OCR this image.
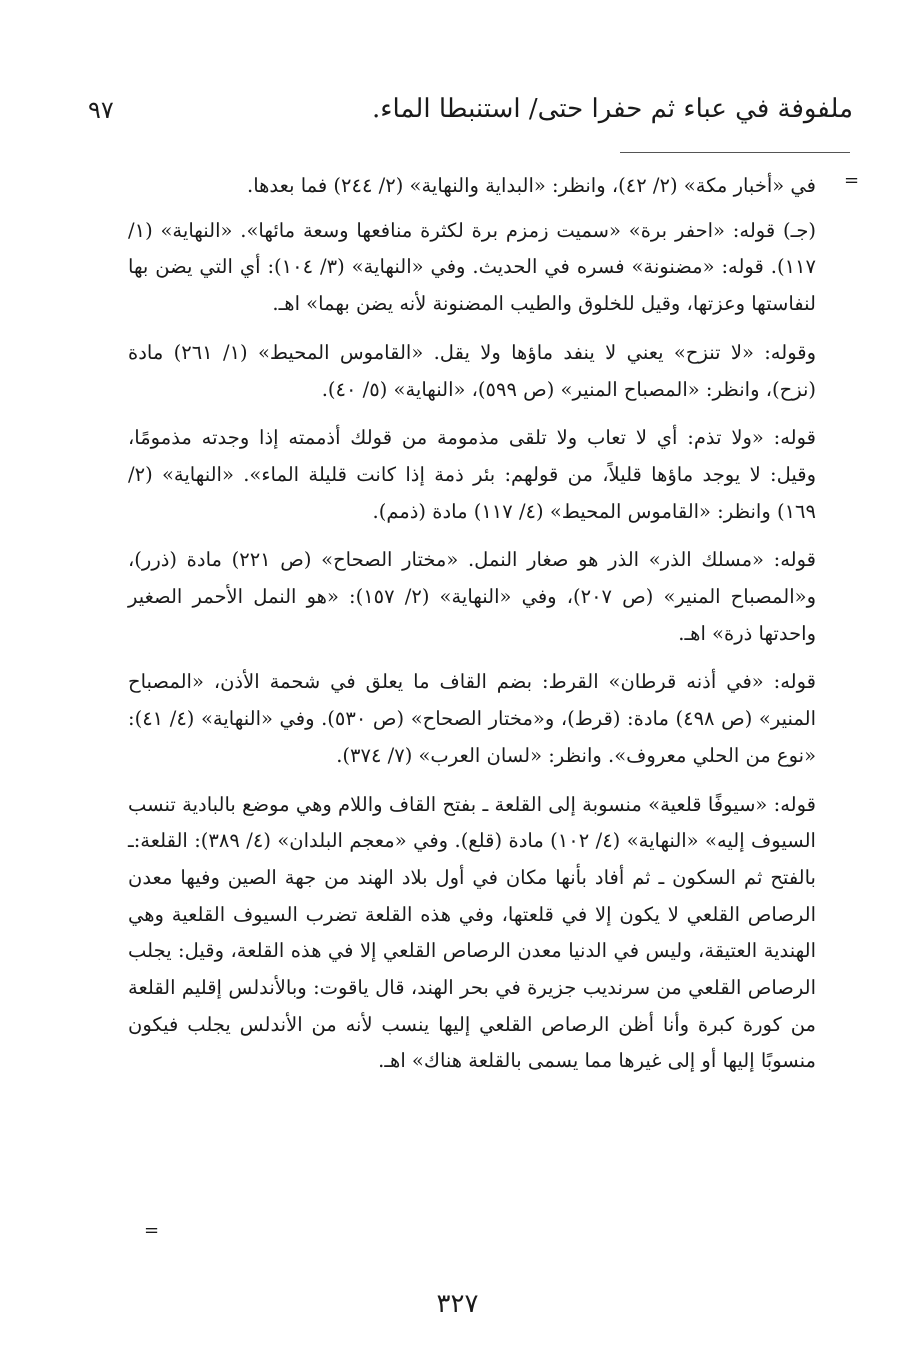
ملفوفة في عباء ثم حفرا حتى/ استنبطا الماء.
٩٧
=

في «أخبار مكة» (٢/ ٤٢)، وانظر: «البداية والنهاية» (٢/ ٢٤٤) فما بعدها.

(جـ) قوله: «احفر برة» «سميت زمزم برة لكثرة منافعها وسعة مائها». «النهاية» (١/ ١١٧). قوله: «مضنونة» فسره في الحديث. وفي «النهاية» (٣/ ١٠٤): أي التي يضن بها لنفاستها وعزتها، وقيل للخلوق والطيب المضنونة لأنه يضن بهما» اهـ.

وقوله: «لا تنزح» يعني لا ينفد ماؤها ولا يقل. «القاموس المحيط» (١/ ٢٦١) مادة (نزح)، وانظر: «المصباح المنير» (ص ٥٩٩)، «النهاية» (٥/ ٤٠).

قوله: «ولا تذم: أي لا تعاب ولا تلقى مذمومة من قولك أذممته إذا وجدته مذمومًا، وقيل: لا يوجد ماؤها قليلاً، من قولهم: بئر ذمة إذا كانت قليلة الماء». «النهاية» (٢/ ١٦٩) وانظر: «القاموس المحيط» (٤/ ١١٧) مادة (ذمم).

قوله: «مسلك الذر» الذر هو صغار النمل. «مختار الصحاح» (ص ٢٢١) مادة (ذرر)، و«المصباح المنير» (ص ٢٠٧)، وفي «النهاية» (٢/ ١٥٧): «هو النمل الأحمر الصغير واحدتها ذرة» اهـ.

قوله: «في أذنه قرطان» القرط: بضم القاف ما يعلق في شحمة الأذن، «المصباح المنير» (ص ٤٩٨) مادة: (قرط)، و«مختار الصحاح» (ص ٥٣٠). وفي «النهاية» (٤/ ٤١): «نوع من الحلي معروف». وانظر: «لسان العرب» (٧/ ٣٧٤).

قوله: «سيوفًا قلعية» منسوبة إلى القلعة ـ بفتح القاف واللام وهي موضع بالبادية تنسب السيوف إليه» «النهاية» (٤/ ١٠٢) مادة (قلع). وفي «معجم البلدان» (٤/ ٣٨٩): القلعة:ـ بالفتح ثم السكون ـ ثم أفاد بأنها مكان في أول بلاد الهند من جهة الصين وفيها معدن الرصاص القلعي لا يكون إلا في قلعتها، وفي هذه القلعة تضرب السيوف القلعية وهي الهندية العتيقة، وليس في الدنيا معدن الرصاص القلعي إلا في هذه القلعة، وقيل: يجلب الرصاص القلعي من سرنديب جزيرة في بحر الهند، قال ياقوت: وبالأندلس إقليم القلعة من كورة كبرة وأنا أظن الرصاص القلعي إليها ينسب لأنه من الأندلس يجلب فيكون منسوبًا إليها أو إلى غيرها مما يسمى بالقلعة هناك» اهـ.

=
٣٢٧
